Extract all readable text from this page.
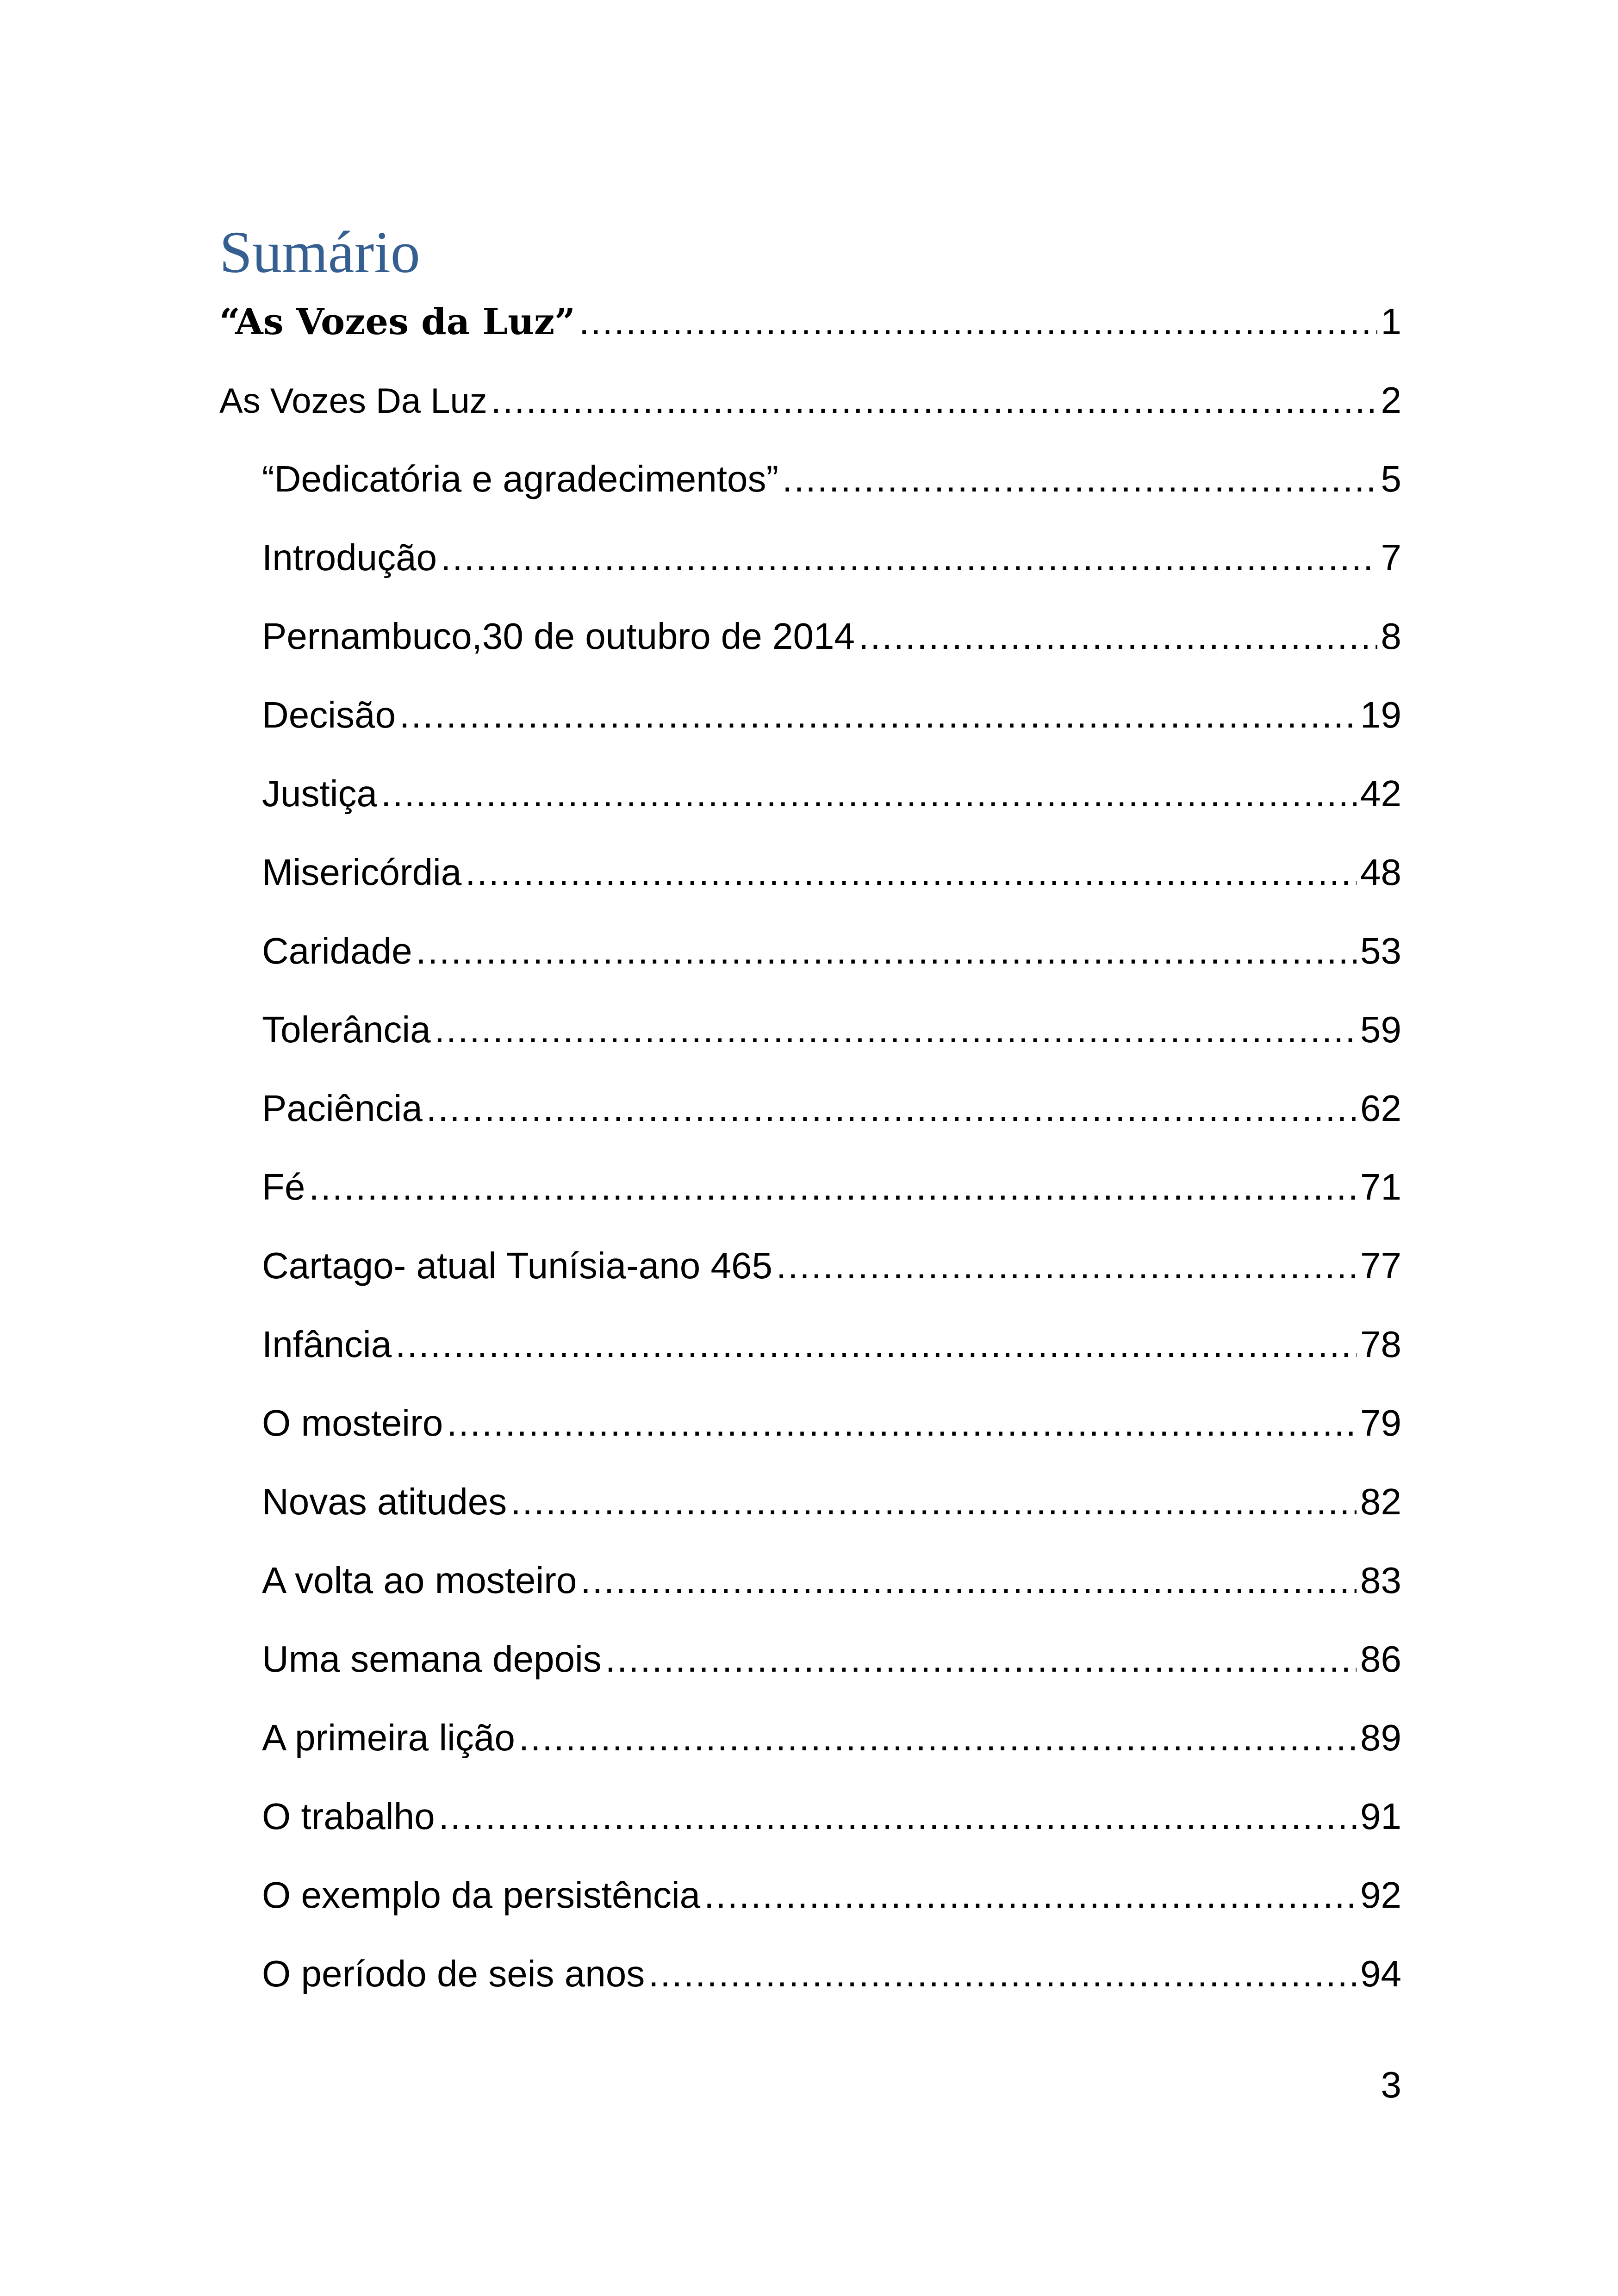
Sumário
“As Vozes da Luz” .....	1
As Vozes Da Luz .....	2
“Dedicatória e agradecimentos” .....	5
Introdução .....	7
Pernambuco,30 de outubro de 2014 .....	8
Decisão .....	19
Justiça .....	42
Misericórdia .....	48
Caridade .....	53
Tolerância .....	59
Paciência .....	62
Fé .....	71
Cartago- atual Tunísia-ano 465 .....	77
Infância .....	78
O mosteiro .....	79
Novas atitudes .....	82
A volta ao mosteiro .....	83
Uma semana depois .....	86
A primeira lição .....	89
O trabalho .....	91
O exemplo da persistência .....	92
O período de seis anos .....	94
3
